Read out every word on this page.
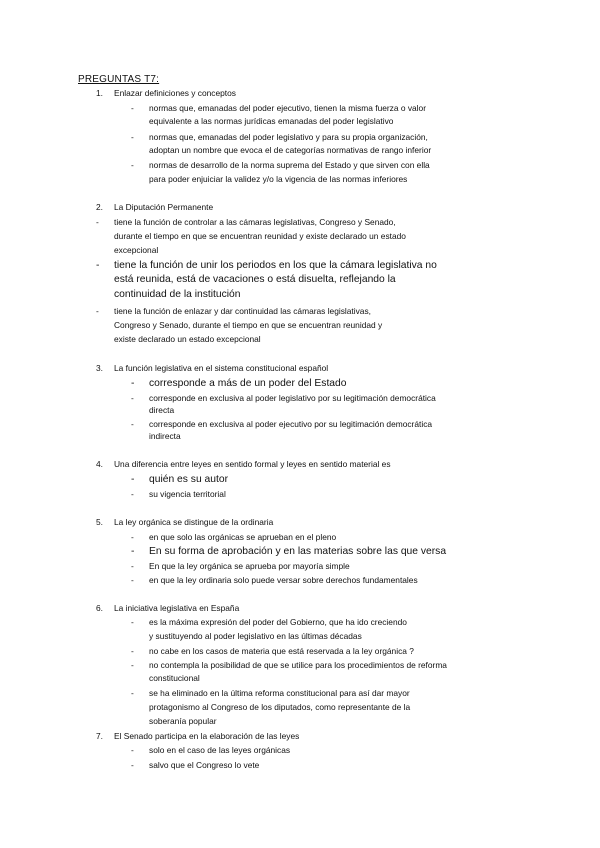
PREGUNTAS T7:
1. Enlazar definiciones y conceptos
- normas que, emanadas del poder ejecutivo, tienen la misma fuerza o valor
equivalente a las normas jurídicas emanadas del poder legislativo
- normas que, emanadas del poder legislativo y para su propia organización,
adoptan un nombre que evoca el de categorías normativas de rango inferior
- normas de desarrollo de la norma suprema del Estado y que sirven con ella
para poder enjuiciar la validez y/o la vigencia de las normas inferiores
2. La Diputación Permanente
- tiene la función de controlar a las cámaras legislativas, Congreso y Senado,
durante el tiempo en que se encuentran reunidad y existe declarado un estado
excepcional
- tiene la función de unir los periodos en los que la cámara legislativa no
está reunida, está de vacaciones o está disuelta, reflejando la
continuidad de la institución
- tiene la función de enlazar y dar continuidad las cámaras legislativas,
Congreso y Senado, durante el tiempo en que se encuentran reunidad y
existe declarado un estado excepcional
3. La función legislativa en el sistema constitucional español
- corresponde a más de un poder del Estado
- corresponde en exclusiva al poder legislativo por su legitimación democrática
directa
- corresponde en exclusiva al poder ejecutivo por su legitimación democrática
indirecta
4. Una diferencia entre leyes en sentido formal y leyes en sentido material es
- quién es su autor
- su vigencia territorial
5. La ley orgánica se distingue de la ordinaria
- en que solo las orgánicas se aprueban en el pleno
- En su forma de aprobación y en las materias sobre las que versa
- En que la ley orgánica se aprueba por mayoría simple
- en que la ley ordinaria solo puede versar sobre derechos fundamentales
6. La iniciativa legislativa en España
- es la máxima expresión del poder del Gobierno, que ha ido creciendo
y sustituyendo al poder legislativo en las últimas décadas
- no cabe en los casos de materia que está reservada a la ley orgánica ?
- no contempla la posibilidad de que se utilice para los procedimientos de reforma
constitucional
- se ha eliminado en la última reforma constitucional para así dar mayor
protagonismo al Congreso de los diputados, como representante de la
soberanía popular
7. El Senado participa en la elaboración de las leyes
- solo en el caso de las leyes orgánicas
- salvo que el Congreso lo vete
